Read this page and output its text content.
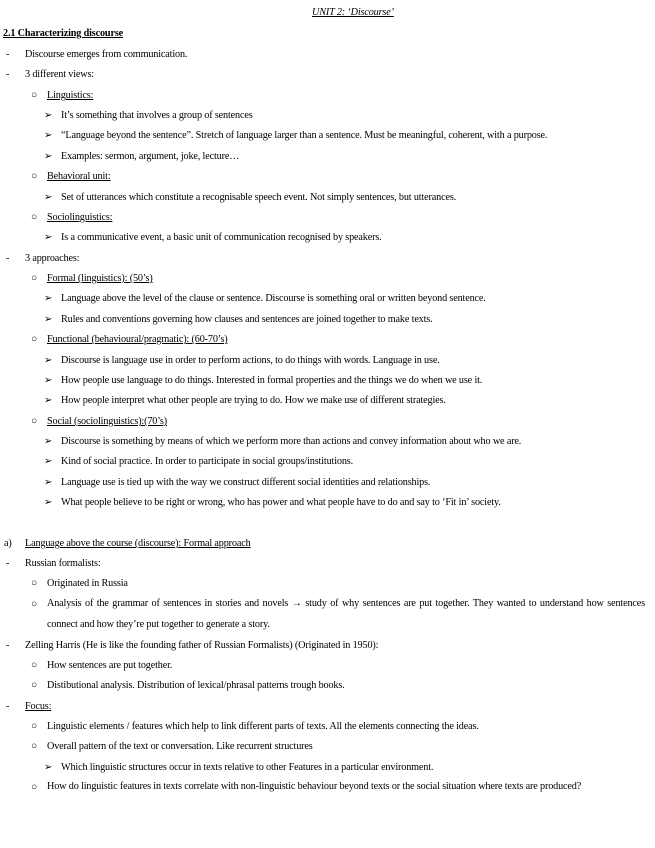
UNIT 2: ‘Discourse’
2.1 Characterizing discourse
- Discourse emerges from communication.
- 3 different views:
○ Linguistics:
➢ It’s something that involves a group of sentences
➢ “Language beyond the sentence”. Stretch of language larger than a sentence. Must be meaningful, coherent, with a purpose.
➢ Examples: sermon, argument, joke, lecture…
○ Behavioral unit:
➢ Set of utterances which constitute a recognisable speech event. Not simply sentences, but utterances.
○ Sociolinguistics:
➢ Is a communicative event, a basic unit of communication recognised by speakers.
- 3 approaches:
○ Formal (linguistics): (50’s)
➢ Language above the level of the clause or sentence. Discourse is something oral or written beyond sentence.
➢ Rules and conventions governing how clauses and sentences are joined together to make texts.
○ Functional (behavioural/pragmatic): (60-70’s)
➢ Discourse is language use in order to perform actions, to do things with words. Language in use.
➢ How people use language to do things. Interested in formal properties and the things we do when we use it.
➢ How people interpret what other people are trying to do. How we make use of different strategies.
○ Social (sociolinguistics):(70’s)
➢ Discourse is something by means of which we perform more than actions and convey information about who we are.
➢ Kind of social practice. In order to participate in social groups/institutions.
➢ Language use is tied up with the way we construct different social identities and relationships.
➢ What people believe to be right or wrong, who has power and what people have to do and say to ‘Fit in’ society.
a) Language above the course (discourse): Formal approach
- Russian formalists:
○ Originated in Russia
○ Analysis of the grammar of sentences in stories and novels → study of why sentences are put together. They wanted to understand how sentences connect and how they’re put together to generate a story.
- Zelling Harris (He is like the founding father of Russian Formalists) (Originated in 1950):
○ How sentences are put together.
○ Distibutional analysis. Distribution of lexical/phrasal patterns trough books.
- Focus:
○ Linguistic elements / features which help to link different parts of texts. All the elements connecting the ideas.
○ Overall pattern of the text or conversation. Like recurrent structures
➢ Which linguistic structures occur in texts relative to other Features in a particular environment.
○ How do linguistic features in texts correlate with non-linguistic behaviour beyond texts or the social situation where texts are produced?
